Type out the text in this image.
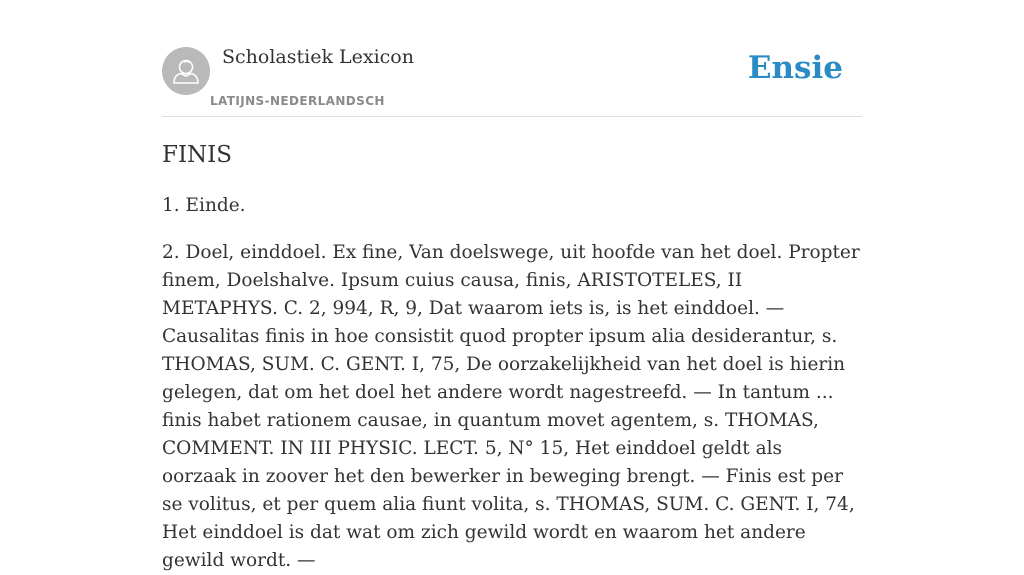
Scholastiek Lexicon
LATIJNS-NEDERLANDSCH
Ensie
FINIS

1. Einde.

2. Doel, einddoel. Ex fine, Van doelswege, uit hoofde van het doel. Propter finem, Doelshalve. Ipsum cuius causa, finis, ARISTOTELES, II METAPHYS. C. 2, 994, R, 9, Dat waarom iets is, is het einddoel. — Causalitas finis in hoe consistit quod propter ipsum alia desiderantur, s. THOMAS, SUM. C. GENT. I, 75, De oorzakelijkheid van het doel is hierin gelegen, dat om het doel het andere wordt nagestreefd. — In tantum ... finis habet rationem causae, in quantum movet agentem, s. THOMAS, COMMENT. IN III PHYSIC. LECT. 5, N° 15, Het einddoel geldt als oorzaak in zoover het den bewerker in beweging brengt. — Finis est per se volitus, et per quem alia fiunt volita, s. THOMAS, SUM. C. GENT. I, 74, Het einddoel is dat wat om zich gewild wordt en waarom het andere gewild wordt. —
